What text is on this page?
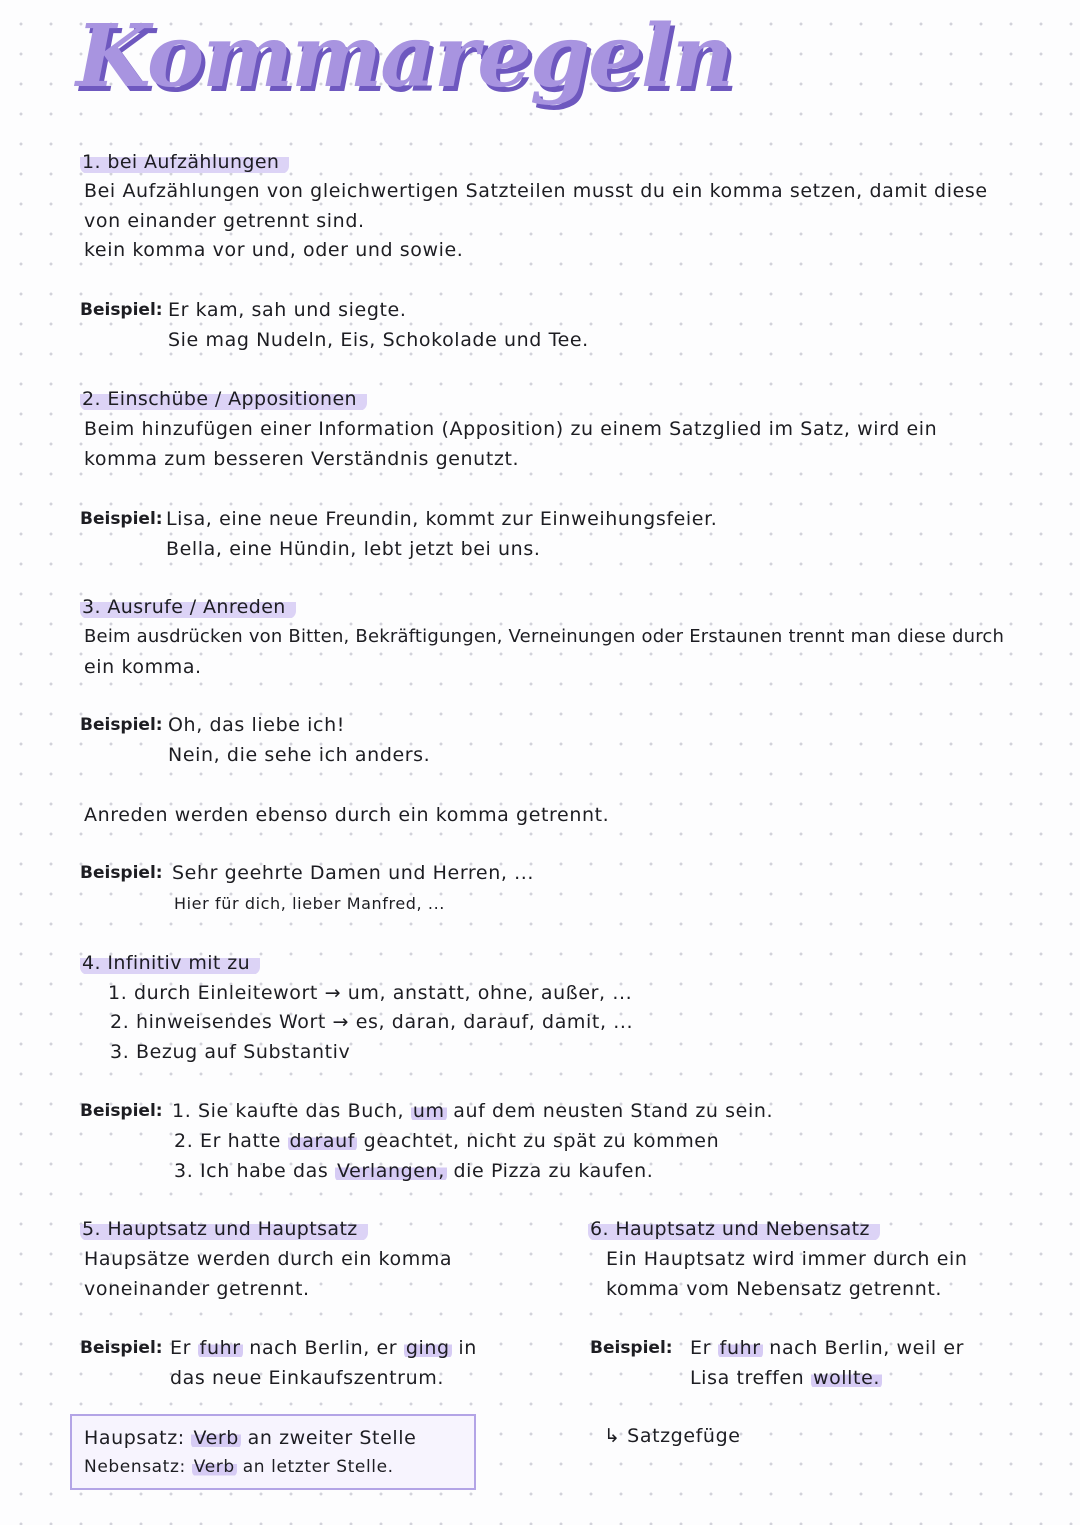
Kommaregeln
1. bei Aufzählungen
Bei Aufzählungen von gleichwertigen Satzteilen musst du ein komma setzen, damit diese
von einander getrennt sind.
kein komma vor und, oder und sowie.
Beispiel: Er kam, sah und siegte.
Sie mag Nudeln, Eis, Schokolade und Tee.
2. Einschübe / Appositionen
Beim hinzufügen einer Information (Apposition) zu einem Satzglied im Satz, wird ein
komma zum besseren Verständnis genutzt.
Beispiel: Lisa, eine neue Freundin, kommt zur Einweihungsfeier.
Bella, eine Hündin, lebt jetzt bei uns.
3. Ausrufe / Anreden
Beim ausdrücken von Bitten, Bekräftigungen, Verneinungen oder Erstaunen trennt man diese durch
ein komma.
Beispiel: Oh, das liebe ich!
Nein, die sehe ich anders.
Anreden werden ebenso durch ein komma getrennt.
Beispiel: Sehr geehrte Damen und Herren, ...
Hier für dich, lieber Manfred, ...
4. Infinitiv mit zu
1. durch Einleitewort → um, anstatt, ohne, außer, ...
2. hinweisendes Wort → es, daran, darauf, damit, ...
3. Bezug auf Substantiv
Beispiel: 1. Sie kaufte das Buch, um auf dem neusten Stand zu sein.
2. Er hatte darauf geachtet, nicht zu spät zu kommen
3. Ich habe das Verlangen, die Pizza zu kaufen.
5. Hauptsatz und Hauptsatz
Haupsätze werden durch ein komma
voneinander getrennt.
Beispiel: Er fuhr nach Berlin, er ging in
das neue Einkaufszentrum.
Haupsatz: Verb an zweiter Stelle
Nebensatz: Verb an letzter Stelle.
6. Hauptsatz und Nebensatz
Ein Hauptsatz wird immer durch ein
komma vom Nebensatz getrennt.
Beispiel: Er fuhr nach Berlin, weil er
Lisa treffen wollte.
↳ Satzgefüge
